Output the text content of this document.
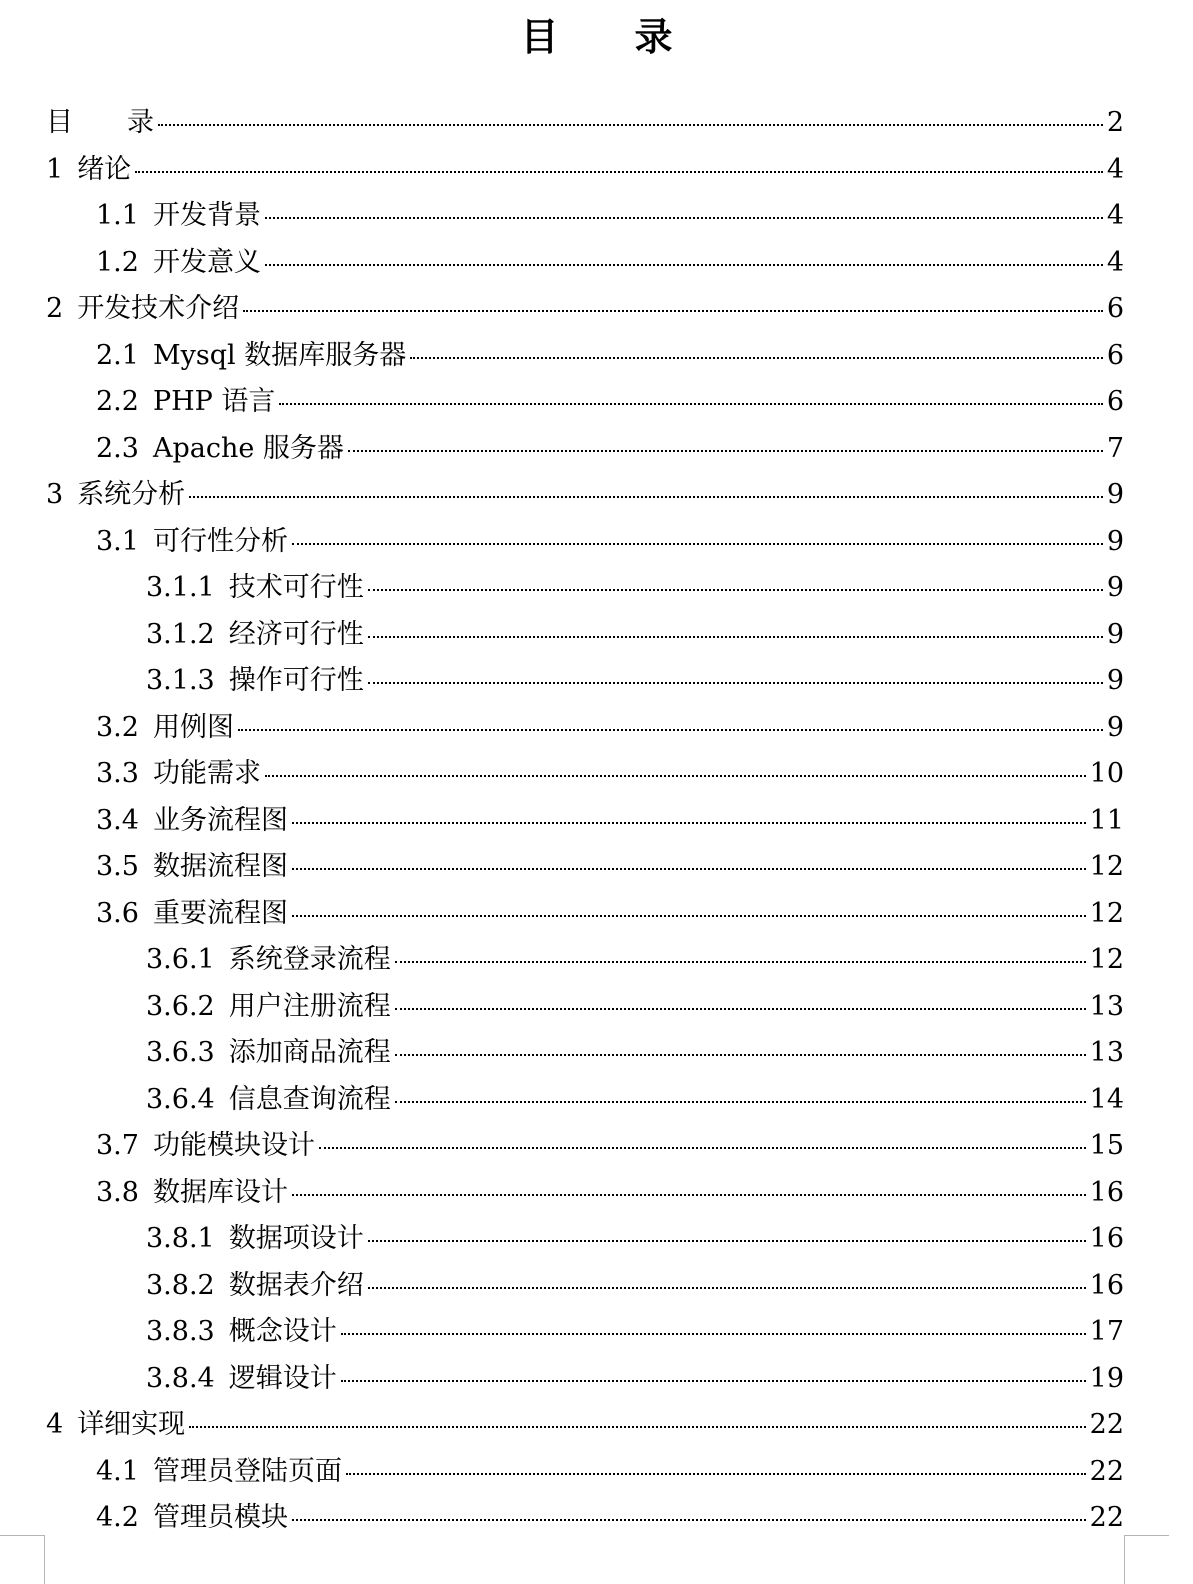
目　　录
目　　录	2
1 绪论	4
1.1 开发背景	4
1.2 开发意义	4
2 开发技术介绍	6
2.1 Mysql 数据库服务器	6
2.2 PHP 语言	6
2.3 Apache 服务器	7
3 系统分析	9
3.1 可行性分析	9
3.1.1 技术可行性	9
3.1.2 经济可行性	9
3.1.3 操作可行性	9
3.2 用例图	9
3.3 功能需求	10
3.4 业务流程图	11
3.5 数据流程图	12
3.6 重要流程图	12
3.6.1 系统登录流程	12
3.6.2 用户注册流程	13
3.6.3 添加商品流程	13
3.6.4 信息查询流程	14
3.7 功能模块设计	15
3.8 数据库设计	16
3.8.1 数据项设计	16
3.8.2 数据表介绍	16
3.8.3 概念设计	17
3.8.4 逻辑设计	19
4 详细实现	22
4.1 管理员登陆页面	22
4.2 管理员模块	22
